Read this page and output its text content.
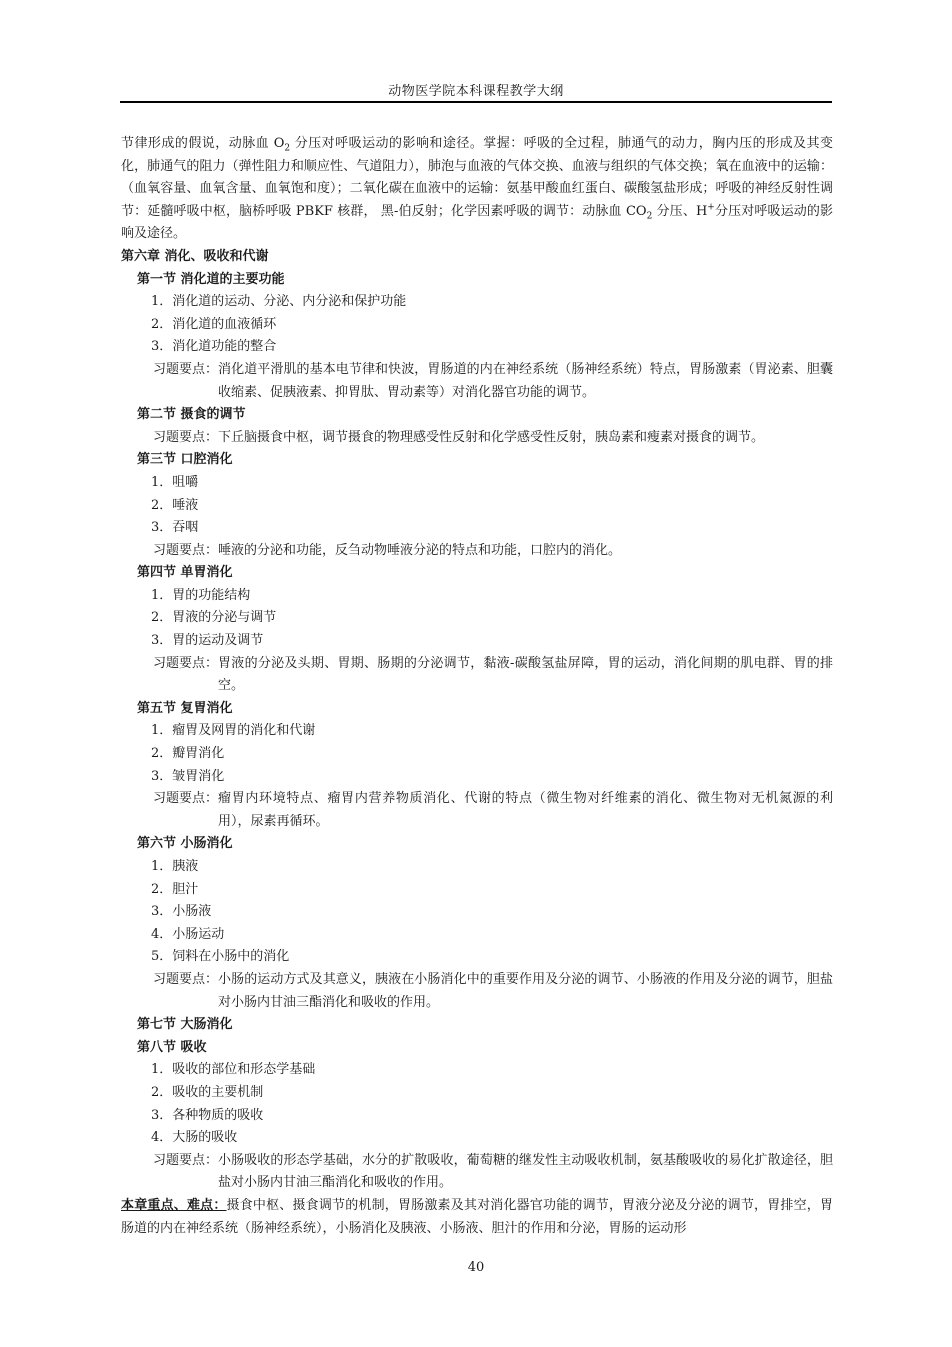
动物医学院本科课程教学大纲
节律形成的假说，动脉血 $O_2$ 分压对呼吸运动的影响和途径。掌握：呼吸的全过程，肺通气的动力，胸内压的形成及其变化，肺通气的阻力（弹性阻力和顺应性、气道阻力），肺泡与血液的气体交换、血液与组织的气体交换；氧在血液中的运输：（血氧容量、血氧含量、血氧饱和度）；二氧化碳在血液中的运输：氨基甲酸血红蛋白、碳酸氢盐形成；呼吸的神经反射性调节：延髓呼吸中枢，脑桥呼吸 PBKF 核群， 黑-伯反射；化学因素呼吸的调节：动脉血 $CO_2$ 分压、H+分压对呼吸运动的影响及途径。
第六章 消化、吸收和代谢
第一节 消化道的主要功能
1．消化道的运动、分泌、内分泌和保护功能
2．消化道的血液循环
3．消化道功能的整合
习题要点： 消化道平滑肌的基本电节律和快波，胃肠道的内在神经系统（肠神经系统）特点，胃肠激素（胃泌素、胆囊收缩素、促胰液素、抑胃肽、胃动素等）对消化器官功能的调节。
第二节 摄食的调节
习题要点： 下丘脑摄食中枢，调节摄食的物理感受性反射和化学感受性反射，胰岛素和瘦素对摄食的调节。
第三节 口腔消化
1．咀嚼
2．唾液
3．吞咽
习题要点： 唾液的分泌和功能，反刍动物唾液分泌的特点和功能，口腔内的消化。
第四节 单胃消化
1．胃的功能结构
2．胃液的分泌与调节
3．胃的运动及调节
习题要点： 胃液的分泌及头期、胃期、肠期的分泌调节，黏液-碳酸氢盐屏障，胃的运动，消化间期的肌电群、胃的排空。
第五节 复胃消化
1．瘤胃及网胃的消化和代谢
2．瓣胃消化
3．皱胃消化
习题要点： 瘤胃内环境特点、瘤胃内营养物质消化、代谢的特点（微生物对纤维素的消化、微生物对无机氮源的利用），尿素再循环。
第六节 小肠消化
1．胰液
2．胆汁
3．小肠液
4．小肠运动
5．饲料在小肠中的消化
习题要点： 小肠的运动方式及其意义，胰液在小肠消化中的重要作用及分泌的调节、小肠液的作用及分泌的调节，胆盐对小肠内甘油三酯消化和吸收的作用。
第七节 大肠消化
第八节 吸收
1．吸收的部位和形态学基础
2．吸收的主要机制
3．各种物质的吸收
4．大肠的吸收
习题要点： 小肠吸收的形态学基础，水分的扩散吸收，葡萄糖的继发性主动吸收机制，氨基酸吸收的易化扩散途径，胆盐对小肠内甘油三酯消化和吸收的作用。
本章重点、难点：摄食中枢、摄食调节的机制，胃肠激素及其对消化器官功能的调节，胃液分泌及分泌的调节，胃排空，胃肠道的内在神经系统（肠神经系统），小肠消化及胰液、小肠液、胆汁的作用和分泌，胃肠的运动形
40
